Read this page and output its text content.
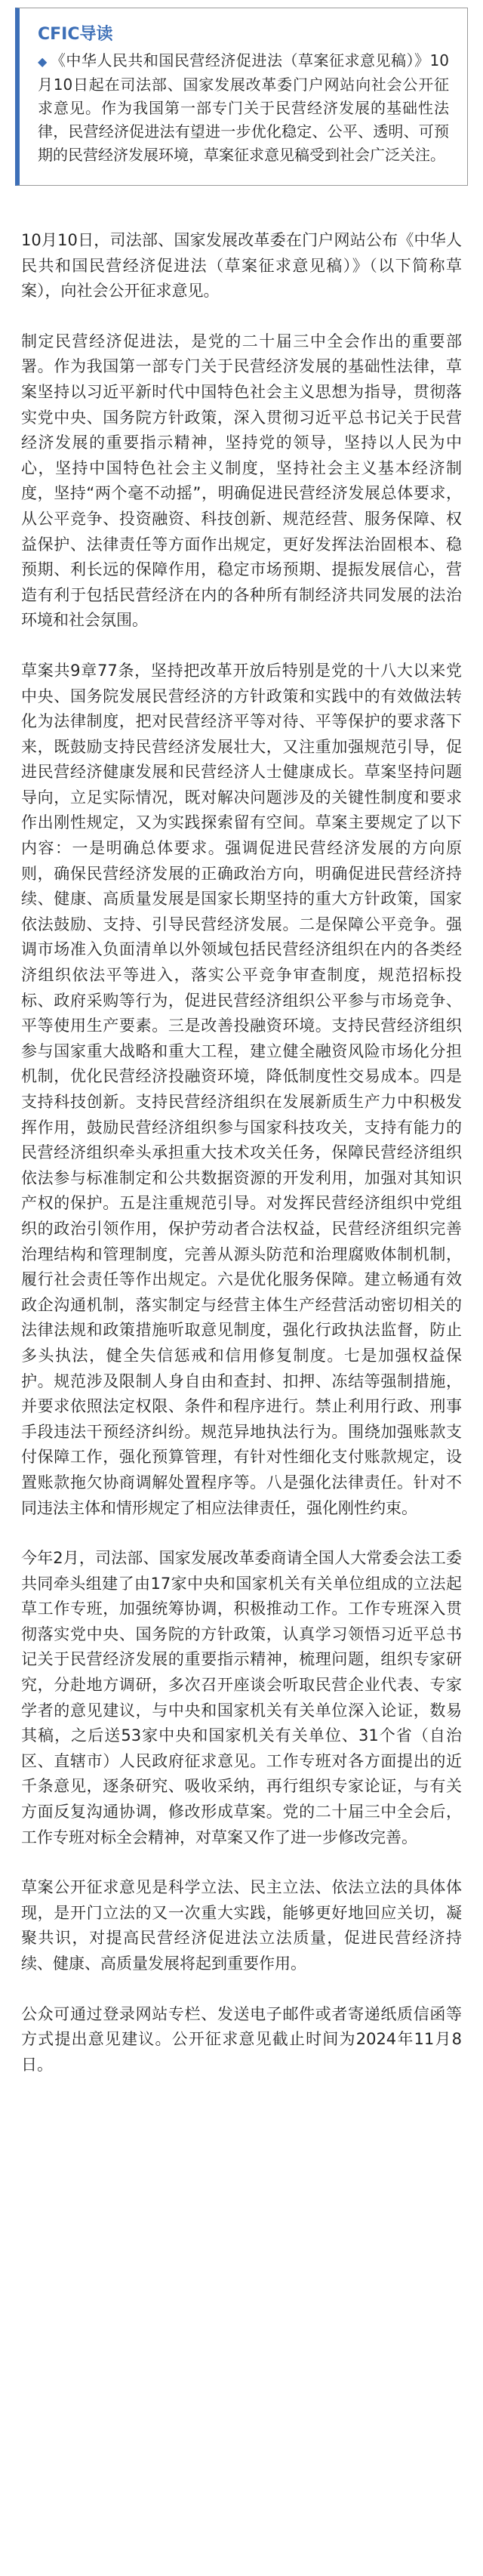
CFIC导读

◆ 《中华人民共和国民营经济促进法（草案征求意见稿）》10月10日起在司法部、国家发展改革委门户网站向社会公开征求意见。作为我国第一部专门关于民营经济发展的基础性法律，民营经济促进法有望进一步优化稳定、公平、透明、可预期的民营经济发展环境，草案征求意见稿受到社会广泛关注。

10月10日，司法部、国家发展改革委在门户网站公布《中华人民共和国民营经济促进法（草案征求意见稿）》（以下简称草案），向社会公开征求意见。

制定民营经济促进法，是党的二十届三中全会作出的重要部署。作为我国第一部专门关于民营经济发展的基础性法律，草案坚持以习近平新时代中国特色社会主义思想为指导，贯彻落实党中央、国务院方针政策，深入贯彻习近平总书记关于民营经济发展的重要指示精神，坚持党的领导，坚持以人民为中心，坚持中国特色社会主义制度，坚持社会主义基本经济制度，坚持“两个毫不动摇”，明确促进民营经济发展总体要求，从公平竞争、投资融资、科技创新、规范经营、服务保障、权益保护、法律责任等方面作出规定，更好发挥法治固根本、稳预期、利长远的保障作用，稳定市场预期、提振发展信心，营造有利于包括民营经济在内的各种所有制经济共同发展的法治环境和社会氛围。

草案共9章77条，坚持把改革开放后特别是党的十八大以来党中央、国务院发展民营经济的方针政策和实践中的有效做法转化为法律制度，把对民营经济平等对待、平等保护的要求落下来，既鼓励支持民营经济发展壮大，又注重加强规范引导，促进民营经济健康发展和民营经济人士健康成长。草案坚持问题导向，立足实际情况，既对解决问题涉及的关键性制度和要求作出刚性规定，又为实践探索留有空间。草案主要规定了以下内容：一是明确总体要求。强调促进民营经济发展的方向原则，确保民营经济发展的正确政治方向，明确促进民营经济持续、健康、高质量发展是国家长期坚持的重大方针政策，国家依法鼓励、支持、引导民营经济发展。二是保障公平竞争。强调市场准入负面清单以外领域包括民营经济组织在内的各类经济组织依法平等进入，落实公平竞争审查制度，规范招标投标、政府采购等行为，促进民营经济组织公平参与市场竞争、平等使用生产要素。三是改善投融资环境。支持民营经济组织参与国家重大战略和重大工程，建立健全融资风险市场化分担机制，优化民营经济投融资环境，降低制度性交易成本。四是支持科技创新。支持民营经济组织在发展新质生产力中积极发挥作用，鼓励民营经济组织参与国家科技攻关，支持有能力的民营经济组织牵头承担重大技术攻关任务，保障民营经济组织依法参与标准制定和公共数据资源的开发利用，加强对其知识产权的保护。五是注重规范引导。对发挥民营经济组织中党组织的政治引领作用，保护劳动者合法权益，民营经济组织完善治理结构和管理制度，完善从源头防范和治理腐败体制机制，履行社会责任等作出规定。六是优化服务保障。建立畅通有效政企沟通机制，落实制定与经营主体生产经营活动密切相关的法律法规和政策措施听取意见制度，强化行政执法监督，防止多头执法，健全失信惩戒和信用修复制度。七是加强权益保护。规范涉及限制人身自由和查封、扣押、冻结等强制措施，并要求依照法定权限、条件和程序进行。禁止利用行政、刑事手段违法干预经济纠纷。规范异地执法行为。围绕加强账款支付保障工作，强化预算管理，有针对性细化支付账款规定，设置账款拖欠协商调解处置程序等。八是强化法律责任。针对不同违法主体和情形规定了相应法律责任，强化刚性约束。

今年2月，司法部、国家发展改革委商请全国人大常委会法工委共同牵头组建了由17家中央和国家机关有关单位组成的立法起草工作专班，加强统筹协调，积极推动工作。工作专班深入贯彻落实党中央、国务院的方针政策，认真学习领悟习近平总书记关于民营经济发展的重要指示精神，梳理问题，组织专家研究，分赴地方调研，多次召开座谈会听取民营企业代表、专家学者的意见建议，与中央和国家机关有关单位深入论证，数易其稿，之后送53家中央和国家机关有关单位、31个省（自治区、直辖市）人民政府征求意见。工作专班对各方面提出的近千条意见，逐条研究、吸收采纳，再行组织专家论证，与有关方面反复沟通协调，修改形成草案。党的二十届三中全会后，工作专班对标全会精神，对草案又作了进一步修改完善。

草案公开征求意见是科学立法、民主立法、依法立法的具体体现，是开门立法的又一次重大实践，能够更好地回应关切，凝聚共识，对提高民营经济促进法立法质量，促进民营经济持续、健康、高质量发展将起到重要作用。

公众可通过登录网站专栏、发送电子邮件或者寄递纸质信函等方式提出意见建议。公开征求意见截止时间为2024年11月8日。
